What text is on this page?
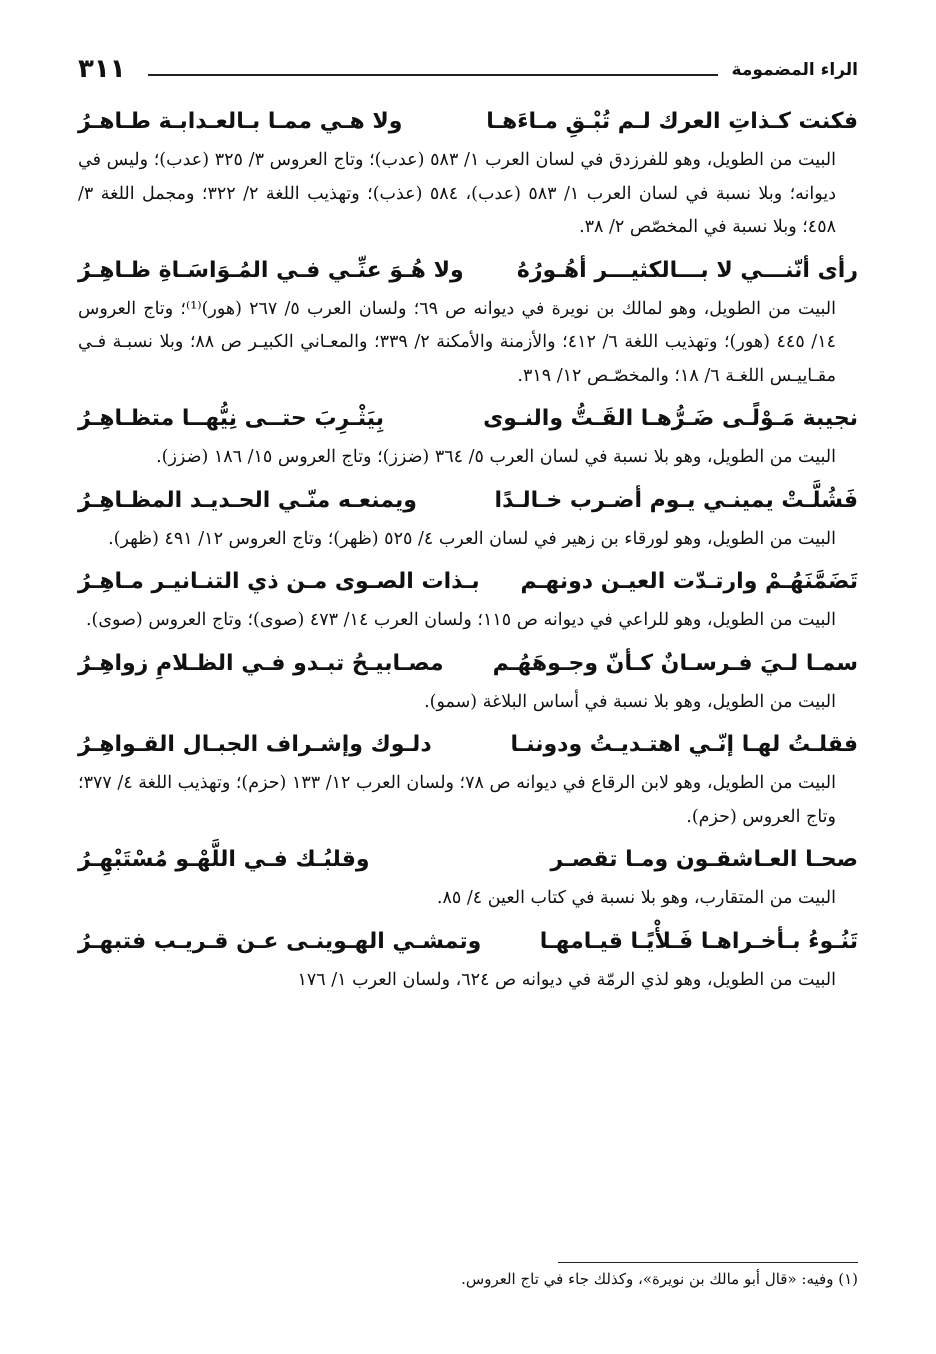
الراء المضمومة
٣١١
فكنت كـذاتِ العرك لـم تُبْـقِ مـاءَهـا
ولا هـي ممـا بـالعـدابـة طـاهـرُ
البيت من الطويل، وهو للفرزدق في لسان العرب ١/ ٥٨٣ (عدب)؛ وتاج العروس ٣/ ٣٢٥ (عدب)؛ وليس في ديوانه؛ وبلا نسبة في لسان العرب ١/ ٥٨٣ (عدب)، ٥٨٤ (عذب)؛ وتهذيب اللغة ٢/ ٣٢٢؛ ومجمل اللغة ٣/ ٤٥٨؛ وبلا نسبة في المخصّص ٢/ ٣٨.
رأى أنّنـــي لا بـــالكثيـــر أهُـورُهُ
ولا هُـوَ عنِّـي فـي المُـوَاسَـاةِ ظـاهِـرُ
البيت من الطويل، وهو لمالك بن نويرة في ديوانه ص ٦٩؛ ولسان العرب ٥/ ٢٦٧ (هور)⁽¹⁾؛ وتاج العروس ١٤/ ٤٤٥ (هور)؛ وتهذيب اللغة ٦/ ٤١٢؛ والأزمنة والأمكنة ٢/ ٣٣٩؛ والمعـاني الكبيـر ص ٨٨؛ وبلا نسبـة فـي مقـاييـس اللغـة ٦/ ١٨؛ والمخصّـص ١٢/ ٣١٩.
نجيبة مَـوْلًـى ضَـرُّهـا القَـتُّ والنـوى
بِيَثْـرِبَ حتــى نِيُّهــا متظـاهِـرُ
البيت من الطويل، وهو بلا نسبة في لسان العرب ٥/ ٣٦٤ (ضزز)؛ وتاج العروس ١٥/ ١٨٦ (ضزز).
فَشُلَّـتْ يمينـي يـوم أضـرب خـالـدًا
ويمنعـه منّـي الحـديـد المظـاهِـرُ
البيت من الطويل، وهو لورقاء بن زهير في لسان العرب ٤/ ٥٢٥ (ظهر)؛ وتاج العروس ١٢/ ٤٩١ (ظهر).
تَضَمَّنَهُـمْ وارتـدّت العيـن دونهـم
بـذات الصـوى مـن ذي التنـانيـر مـاهِـرُ
البيت من الطويل، وهو للراعي في ديوانه ص ١١٥؛ ولسان العرب ١٤/ ٤٧٣ (صوى)؛ وتاج العروس (صوى).
سمـا لـيَ فـرسـانٌ كـأنّ وجـوهَهُـم
مصـابيـحُ تبـدو فـي الظـلامِ زواهِـرُ
البيت من الطويل، وهو بلا نسبة في أساس البلاغة (سمو).
فقلـتُ لهـا إنّـي اهتـديـتُ ودوننـا
دلـوك وإشـراف الجبـال القـواهِـرُ
البيت من الطويل، وهو لابن الرقاع في ديوانه ص ٧٨؛ ولسان العرب ١٢/ ١٣٣ (حزم)؛ وتهذيب اللغة ٤/ ٣٧٧؛ وتاج العروس (حزم).
صحـا العـاشقـون ومـا تقصـر
وقلبُـك فـي اللَّهْـو مُسْتَبْهِـرُ
البيت من المتقارب، وهو بلا نسبة في كتاب العين ٤/ ٨٥.
تَنُـوءُ بـأخـراهـا فَـلأْيًـا قيـامهـا
وتمشـي الهـوينـى عـن قـريـب فتبهـرُ
البيت من الطويل، وهو لذي الرمّة في ديوانه ص ٦٢٤، ولسان العرب ١/ ١٧٦
(١) وفيه: «قال أبو مالك بن نويرة»، وكذلك جاء في تاج العروس.
